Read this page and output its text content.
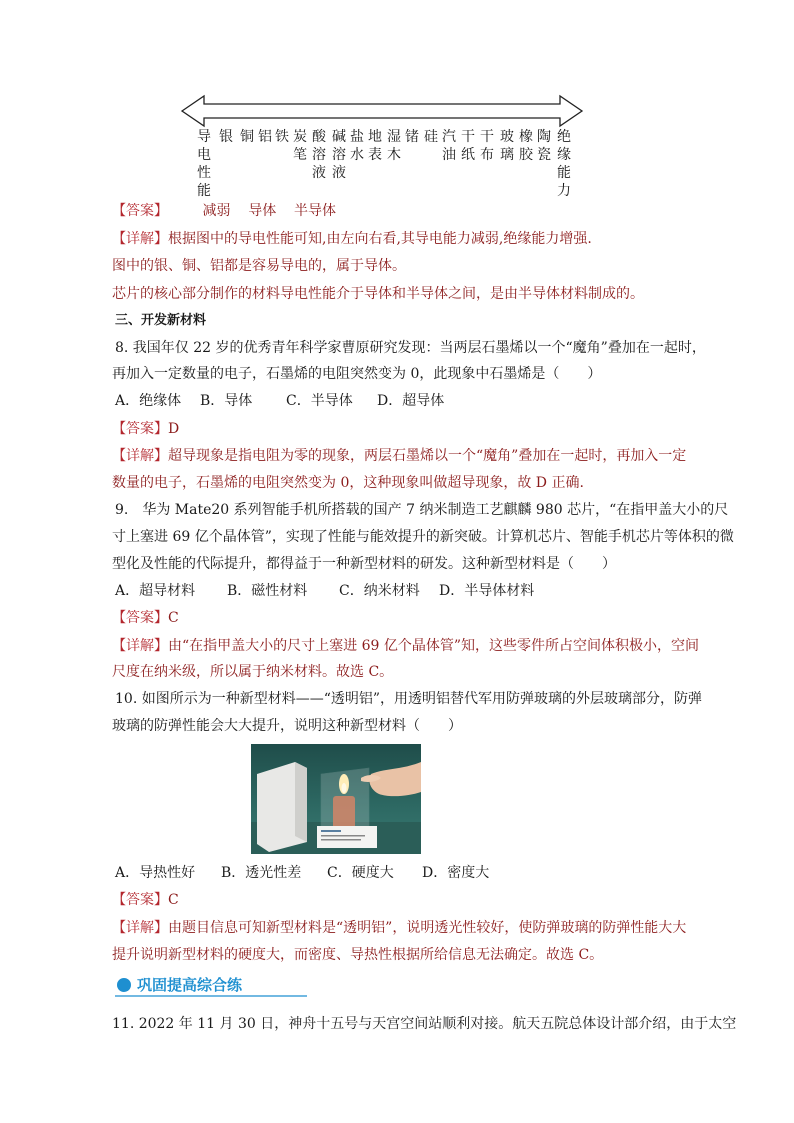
导电性能
银 铜 铝 铁 炭笔
酸溶液
碱溶液
盐水
地表
湿木
锗 硅 汽油
干纸
干布
玻璃
橡胶
陶瓷
绝缘能力
【答案】 减弱    导体    半导体
【详解】根据图中的导电性能可知,由左向右看,其导电能力减弱,绝缘能力增强.
图中的银、铜、铝都是容易导电的，属于导体。
芯片的核心部分制作的材料导电性能介于导体和半导体之间，是由半导体材料制成的。
三、开发新材料
8. 我国年仅 22 岁的优秀青年科学家曹原研究发现：当两层石墨烯以一个“魔角”叠加在一起时，
再加入一定数量的电子，石墨烯的电阻突然变为 0，此现象中石墨烯是（　　）
A．绝缘体 B．导体 C．半导体 D．超导体
【答案】D
【详解】超导现象是指电阻为零的现象，两层石墨烯以一个“魔角”叠加在一起时，再加入一定
数量的电子，石墨烯的电阻突然变为 0，这种现象叫做超导现象，故 D 正确.
9.　华为 Mate20 系列智能手机所搭载的国产 7 纳米制造工艺麒麟 980 芯片，“在指甲盖大小的尺
寸上塞进 69 亿个晶体管”，实现了性能与能效提升的新突破。计算机芯片、智能手机芯片等体积的微
型化及性能的代际提升，都得益于一种新型材料的研发。这种新型材料是（　　）
A．超导材料 B．磁性材料 C．纳米材料 D．半导体材料
【答案】C
【详解】由“在指甲盖大小的尺寸上塞进 69 亿个晶体管”知，这些零件所占空间体积极小，空间
尺度在纳米级，所以属于纳米材料。故选 C。
10. 如图所示为一种新型材料——“透明铝”，用透明铝替代军用防弹玻璃的外层玻璃部分，防弹
玻璃的防弹性能会大大提升，说明这种新型材料（　　）
A．导热性好 B．透光性差 C．硬度大 D．密度大
【答案】C
【详解】由题目信息可知新型材料是“透明铝”，说明透光性较好，使防弹玻璃的防弹性能大大
提升说明新型材料的硬度大，而密度、导热性根据所给信息无法确定。故选 C。
巩固提高综合练
11. 2022 年 11 月 30 日，神舟十五号与天宫空间站顺利对接。航天五院总体设计部介绍，由于太空
